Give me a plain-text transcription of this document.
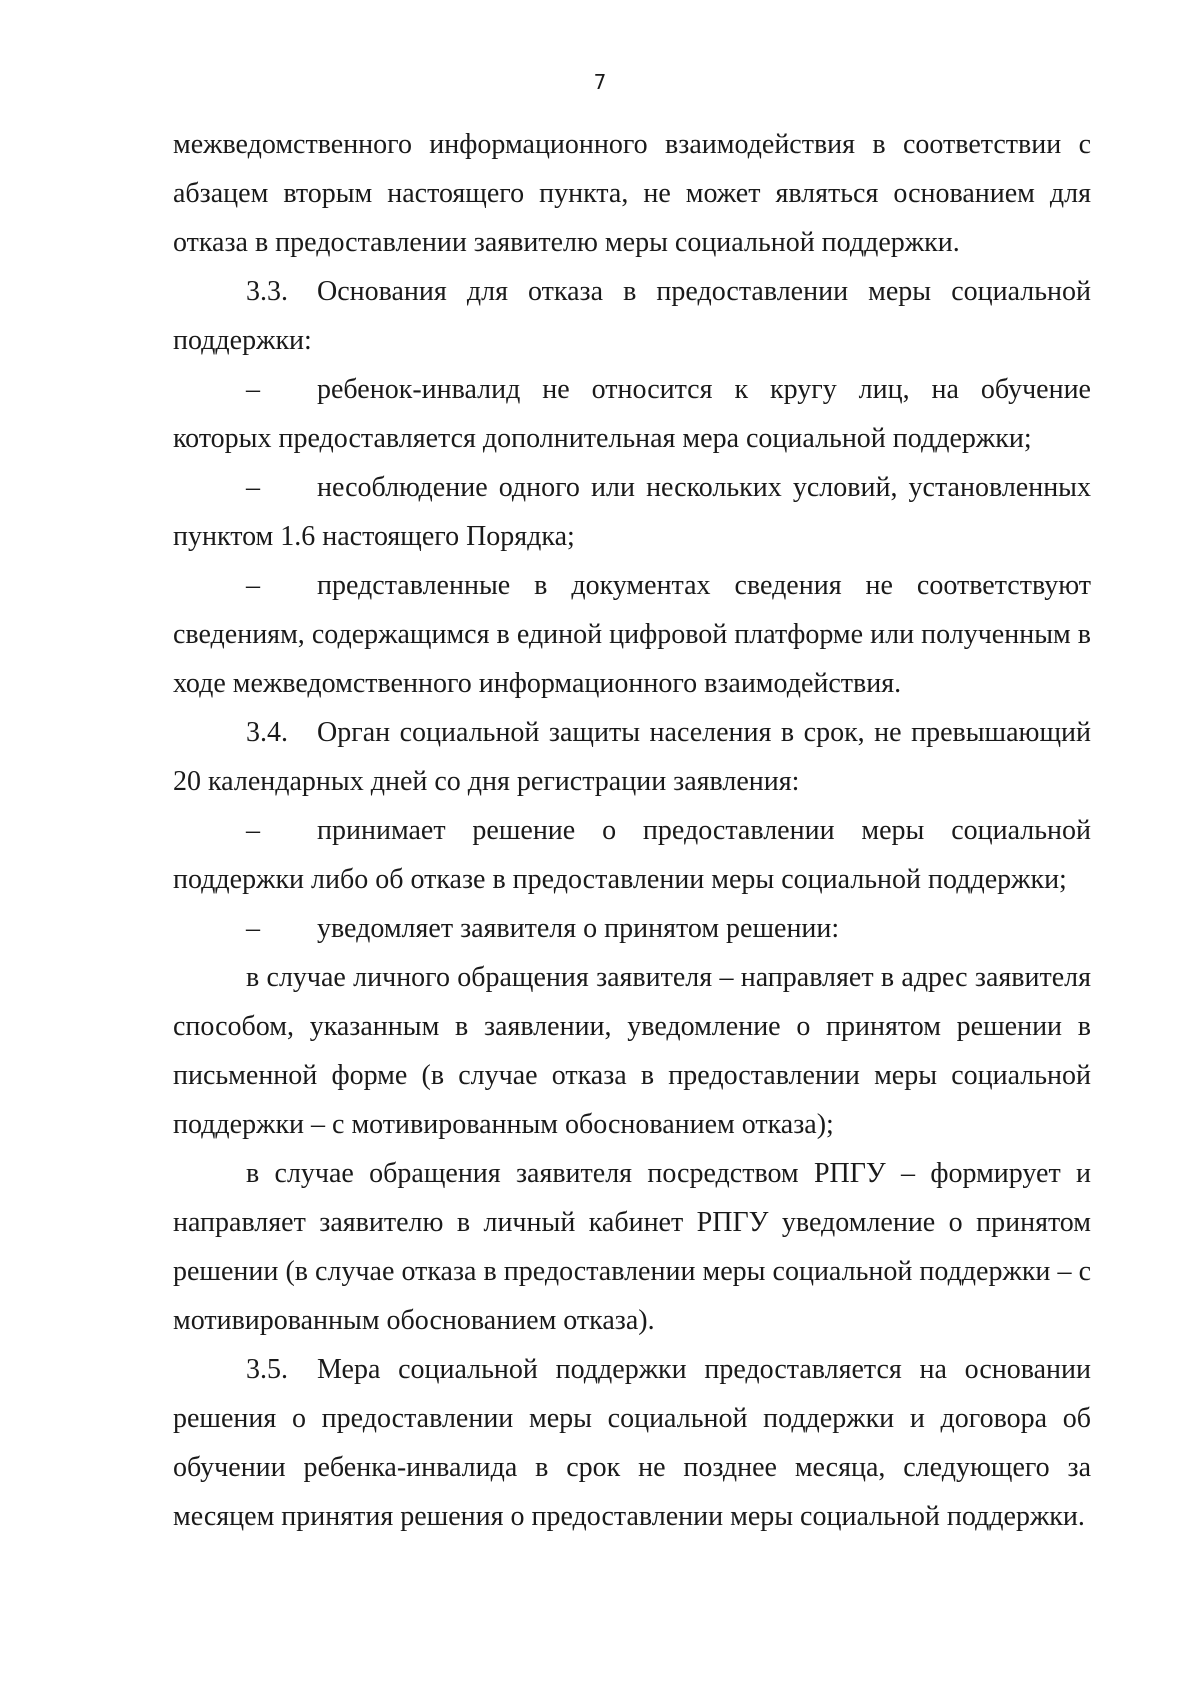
7

межведомственного информационного взаимодействия в соответствии с абзацем вторым настоящего пункта, не может являться основанием для отказа в предоставлении заявителю меры социальной поддержки.

3.3. Основания для отказа в предоставлении меры социальной поддержки:

– ребенок-инвалид не относится к кругу лиц, на обучение которых предоставляется дополнительная мера социальной поддержки;

– несоблюдение одного или нескольких условий, установленных пунктом 1.6 настоящего Порядка;

– представленные в документах сведения не соответствуют сведениям, содержащимся в единой цифровой платформе или полученным в ходе межведомственного информационного взаимодействия.

3.4. Орган социальной защиты населения в срок, не превышающий 20 календарных дней со дня регистрации заявления:

– принимает решение о предоставлении меры социальной поддержки либо об отказе в предоставлении меры социальной поддержки;

– уведомляет заявителя о принятом решении:

в случае личного обращения заявителя – направляет в адрес заявителя способом, указанным в заявлении, уведомление о принятом решении в письменной форме (в случае отказа в предоставлении меры социальной поддержки – с мотивированным обоснованием отказа);

в случае обращения заявителя посредством РПГУ – формирует и направляет заявителю в личный кабинет РПГУ уведомление о принятом решении (в случае отказа в предоставлении меры социальной поддержки – с мотивированным обоснованием отказа).

3.5. Мера социальной поддержки предоставляется на основании решения о предоставлении меры социальной поддержки и договора об обучении ребенка-инвалида в срок не позднее месяца, следующего за месяцем принятия решения о предоставлении меры социальной поддержки.
